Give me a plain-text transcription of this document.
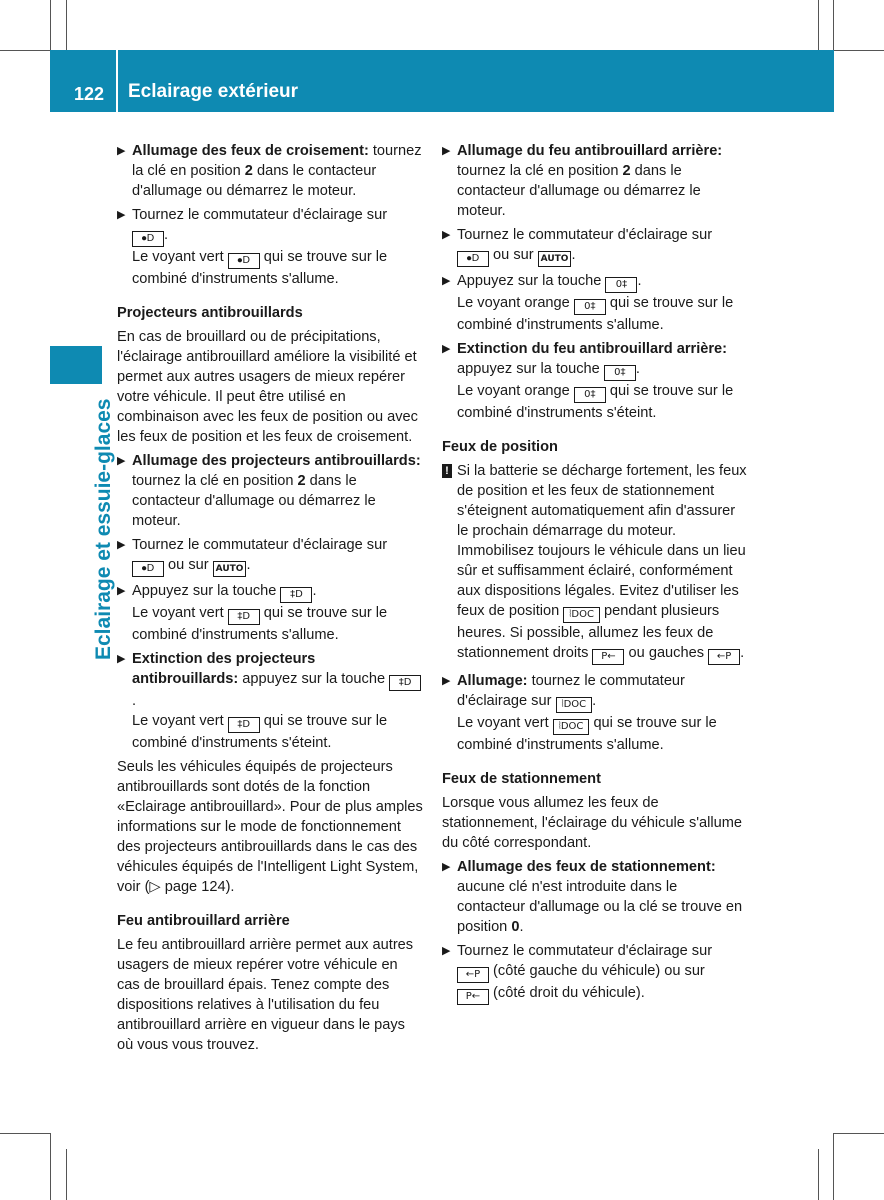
122 Eclairage extérieur
Eclairage et essuie-glaces
▶ Allumage des feux de croisement: tournez la clé en position 2 dans le contacteur d'allumage ou démarrez le moteur.
▶ Tournez le commutateur d'éclairage sur
⦁D .
Le voyant vert ⦁D qui se trouve sur le combiné d'instruments s'allume.
Projecteurs antibrouillards

En cas de brouillard ou de précipitations, l'éclairage antibrouillard améliore la visibilité et permet aux autres usagers de mieux repérer votre véhicule. Il peut être utilisé en combinaison avec les feux de position ou avec les feux de position et les feux de croisement.

▶ Allumage des projecteurs antibrouillards: tournez la clé en position 2 dans le contacteur d'allumage ou démarrez le moteur.
▶ Tournez le commutateur d'éclairage sur
⦁D ou sur AUTO .
▶ Appuyez sur la touche ‡D .
Le voyant vert ‡D qui se trouve sur le combiné d'instruments s'allume.
▶ Extinction des projecteurs antibrouillards: appuyez sur la touche ‡D.
Le voyant vert ‡D qui se trouve sur le combiné d'instruments s'éteint.

Seuls les véhicules équipés de projecteurs antibrouillards sont dotés de la fonction «Eclairage antibrouillard». Pour de plus amples informations sur le mode de fonctionnement des projecteurs antibrouillards dans le cas des véhicules équipés de l'Intelligent Light System, voir (▷ page 124).

Feu antibrouillard arrière

Le feu antibrouillard arrière permet aux autres usagers de mieux repérer votre véhicule en cas de brouillard épais. Tenez compte des dispositions relatives à l'utilisation du feu antibrouillard arrière en vigueur dans le pays où vous vous trouvez.

▶ Allumage du feu antibrouillard arrière: tournez la clé en position 2 dans le contacteur d'allumage ou démarrez le moteur.
▶ Tournez le commutateur d'éclairage sur
⦁D ou sur AUTO .
▶ Appuyez sur la touche 0‡ .
Le voyant orange 0‡ qui se trouve sur le combiné d'instruments s'allume.
▶ Extinction du feu antibrouillard arrière:
appuyez sur la touche 0‡ .
Le voyant orange 0‡ qui se trouve sur le combiné d'instruments s'éteint.
Feux de position
! Si la batterie se décharge fortement, les feux de position et les feux de stationnement s'éteignent automatiquement afin d'assurer le prochain démarrage du moteur. Immobilisez toujours le véhicule dans un lieu sûr et suffisamment éclairé, conformément aux dispositions légales. Evitez d'utiliser les feux de position ⦚DOC pendant plusieurs heures. Si possible, allumez les feux de stationnement droits P← ou gauches ←P .
▶ Allumage: tournez le commutateur d'éclairage sur ⦚DOC .
Le voyant vert ⦚DOC qui se trouve sur le combiné d'instruments s'allume.
Feux de stationnement

Lorsque vous allumez les feux de stationnement, l'éclairage du véhicule s'allume du côté correspondant.

▶ Allumage des feux de stationnement: aucune clé n'est introduite dans le contacteur d'allumage ou la clé se trouve en position 0.
▶ Tournez le commutateur d'éclairage sur
←P (côté gauche du véhicule) ou sur
P← (côté droit du véhicule).
